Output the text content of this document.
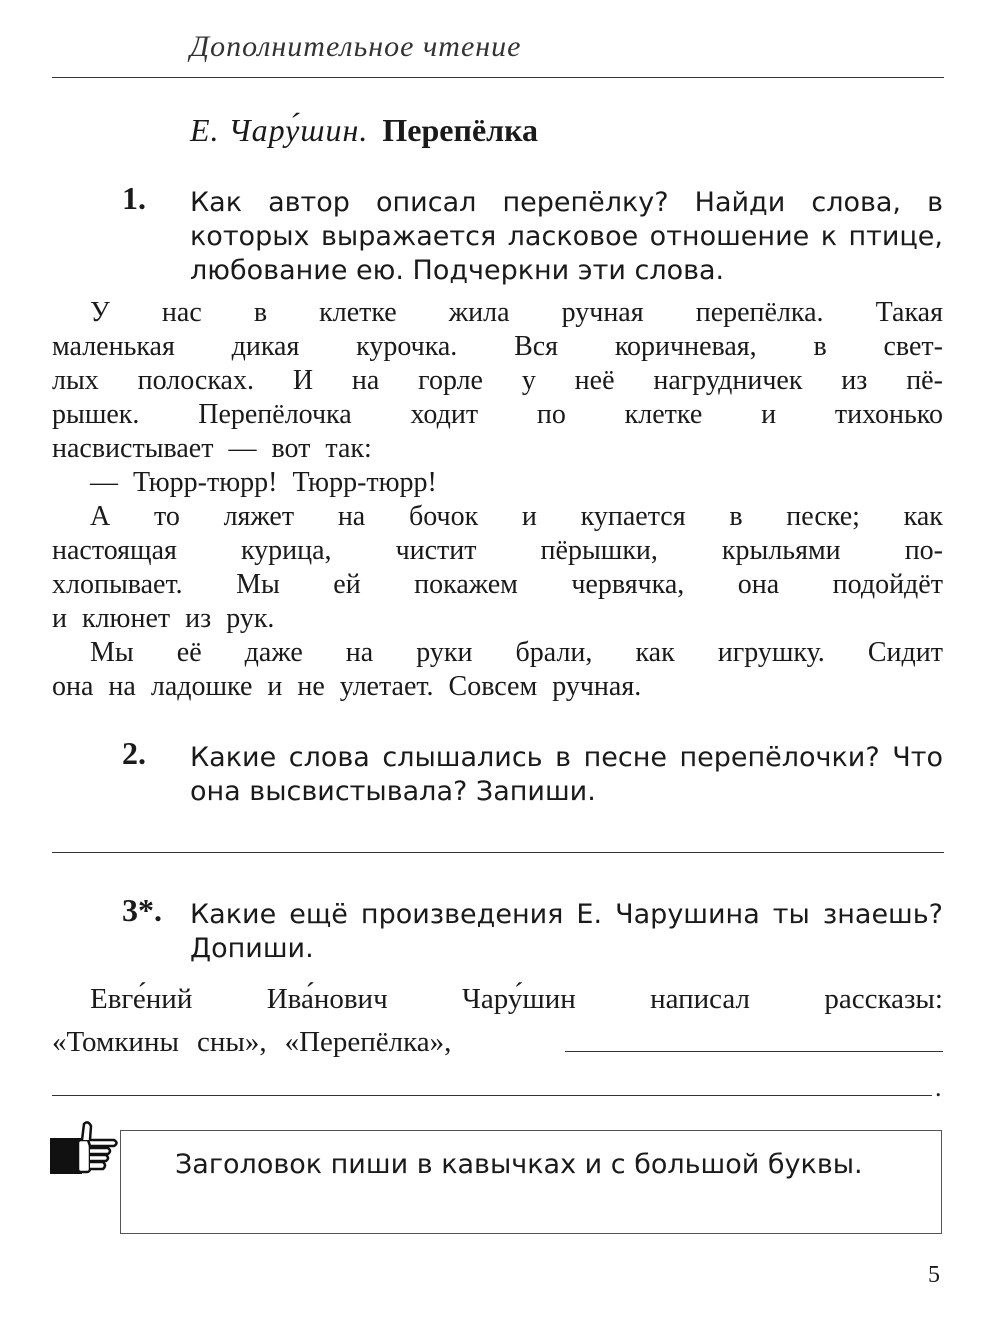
Дополнительное чтение
Е. Чару́шин. Перепёлка
1. Как автор описал перепёлку? Найди слова, в которых выражается ласковое отношение к птице, любование ею. Подчеркни эти слова.
У нас в клетке жила ручная перепёлка. Такая
маленькая дикая курочка. Вся коричневая, в свет-
лых полосках. И на горле у неё нагрудничек из пё-
рышек. Перепёлочка ходит по клетке и тихонько
насвистывает — вот так:
— Тюрр-тюрр! Тюрр-тюрр!
А то ляжет на бочок и купается в песке; как
настоящая курица, чистит пёрышки, крыльями по-
хлопывает. Мы ей покажем червячка, она подойдёт
и клюнет из рук.
Мы её даже на руки брали, как игрушку. Сидит
она на ладошке и не улетает. Совсем ручная.
2. Какие слова слышались в песне перепёлочки? Что она высвистывала? Запиши.
3*. Какие ещё произведения Е. Чарушина ты знаешь? Допиши.
Евге́ний	Ива́нович	Чару́шин	написал	рассказы:
«Томкины сны», «Перепёлка»,
.
Заголовок пиши в кавычках и с большой буквы.
5
